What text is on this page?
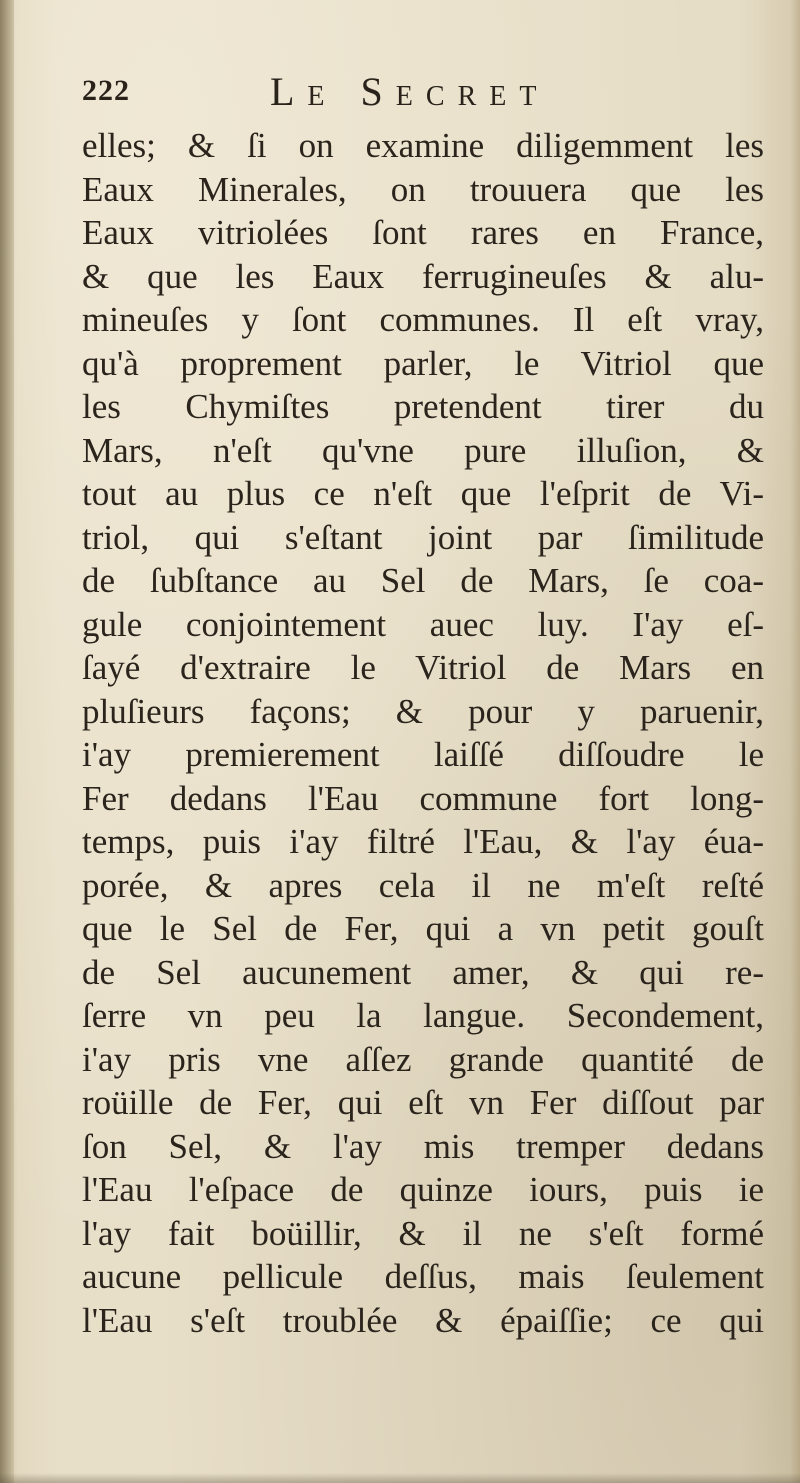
222	Le Secret
elles; & ſi on examine diligemment les
Eaux Minerales, on trouuera que les
Eaux vitriolées ſont rares en France,
& que les Eaux ferrugineuſes & alu-
mineuſes y ſont communes. Il eſt vray,
qu'à proprement parler, le Vitriol que
les Chymiſtes pretendent tirer du
Mars, n'eſt qu'vne pure illuſion, &
tout au plus ce n'eſt que l'eſprit de Vi-
triol, qui s'eſtant joint par ſimilitude
de ſubſtance au Sel de Mars, ſe coa-
gule conjointement auec luy. I'ay eſ-
ſayé d'extraire le Vitriol de Mars en
pluſieurs façons; & pour y paruenir,
i'ay premierement laiſſé diſſoudre le
Fer dedans l'Eau commune fort long-
temps, puis i'ay filtré l'Eau, & l'ay éua-
porée, & apres cela il ne m'eſt reſté
que le Sel de Fer, qui a vn petit gouſt
de Sel aucunement amer, & qui re-
ſerre vn peu la langue. Secondement,
i'ay pris vne aſſez grande quantité de
roüille de Fer, qui eſt vn Fer diſſout par
ſon Sel, & l'ay mis tremper dedans
l'Eau l'eſpace de quinze iours, puis ie
l'ay fait boüillir, & il ne s'eſt formé
aucune pellicule deſſus, mais ſeulement
l'Eau s'eſt troublée & épaiſſie; ce qui
